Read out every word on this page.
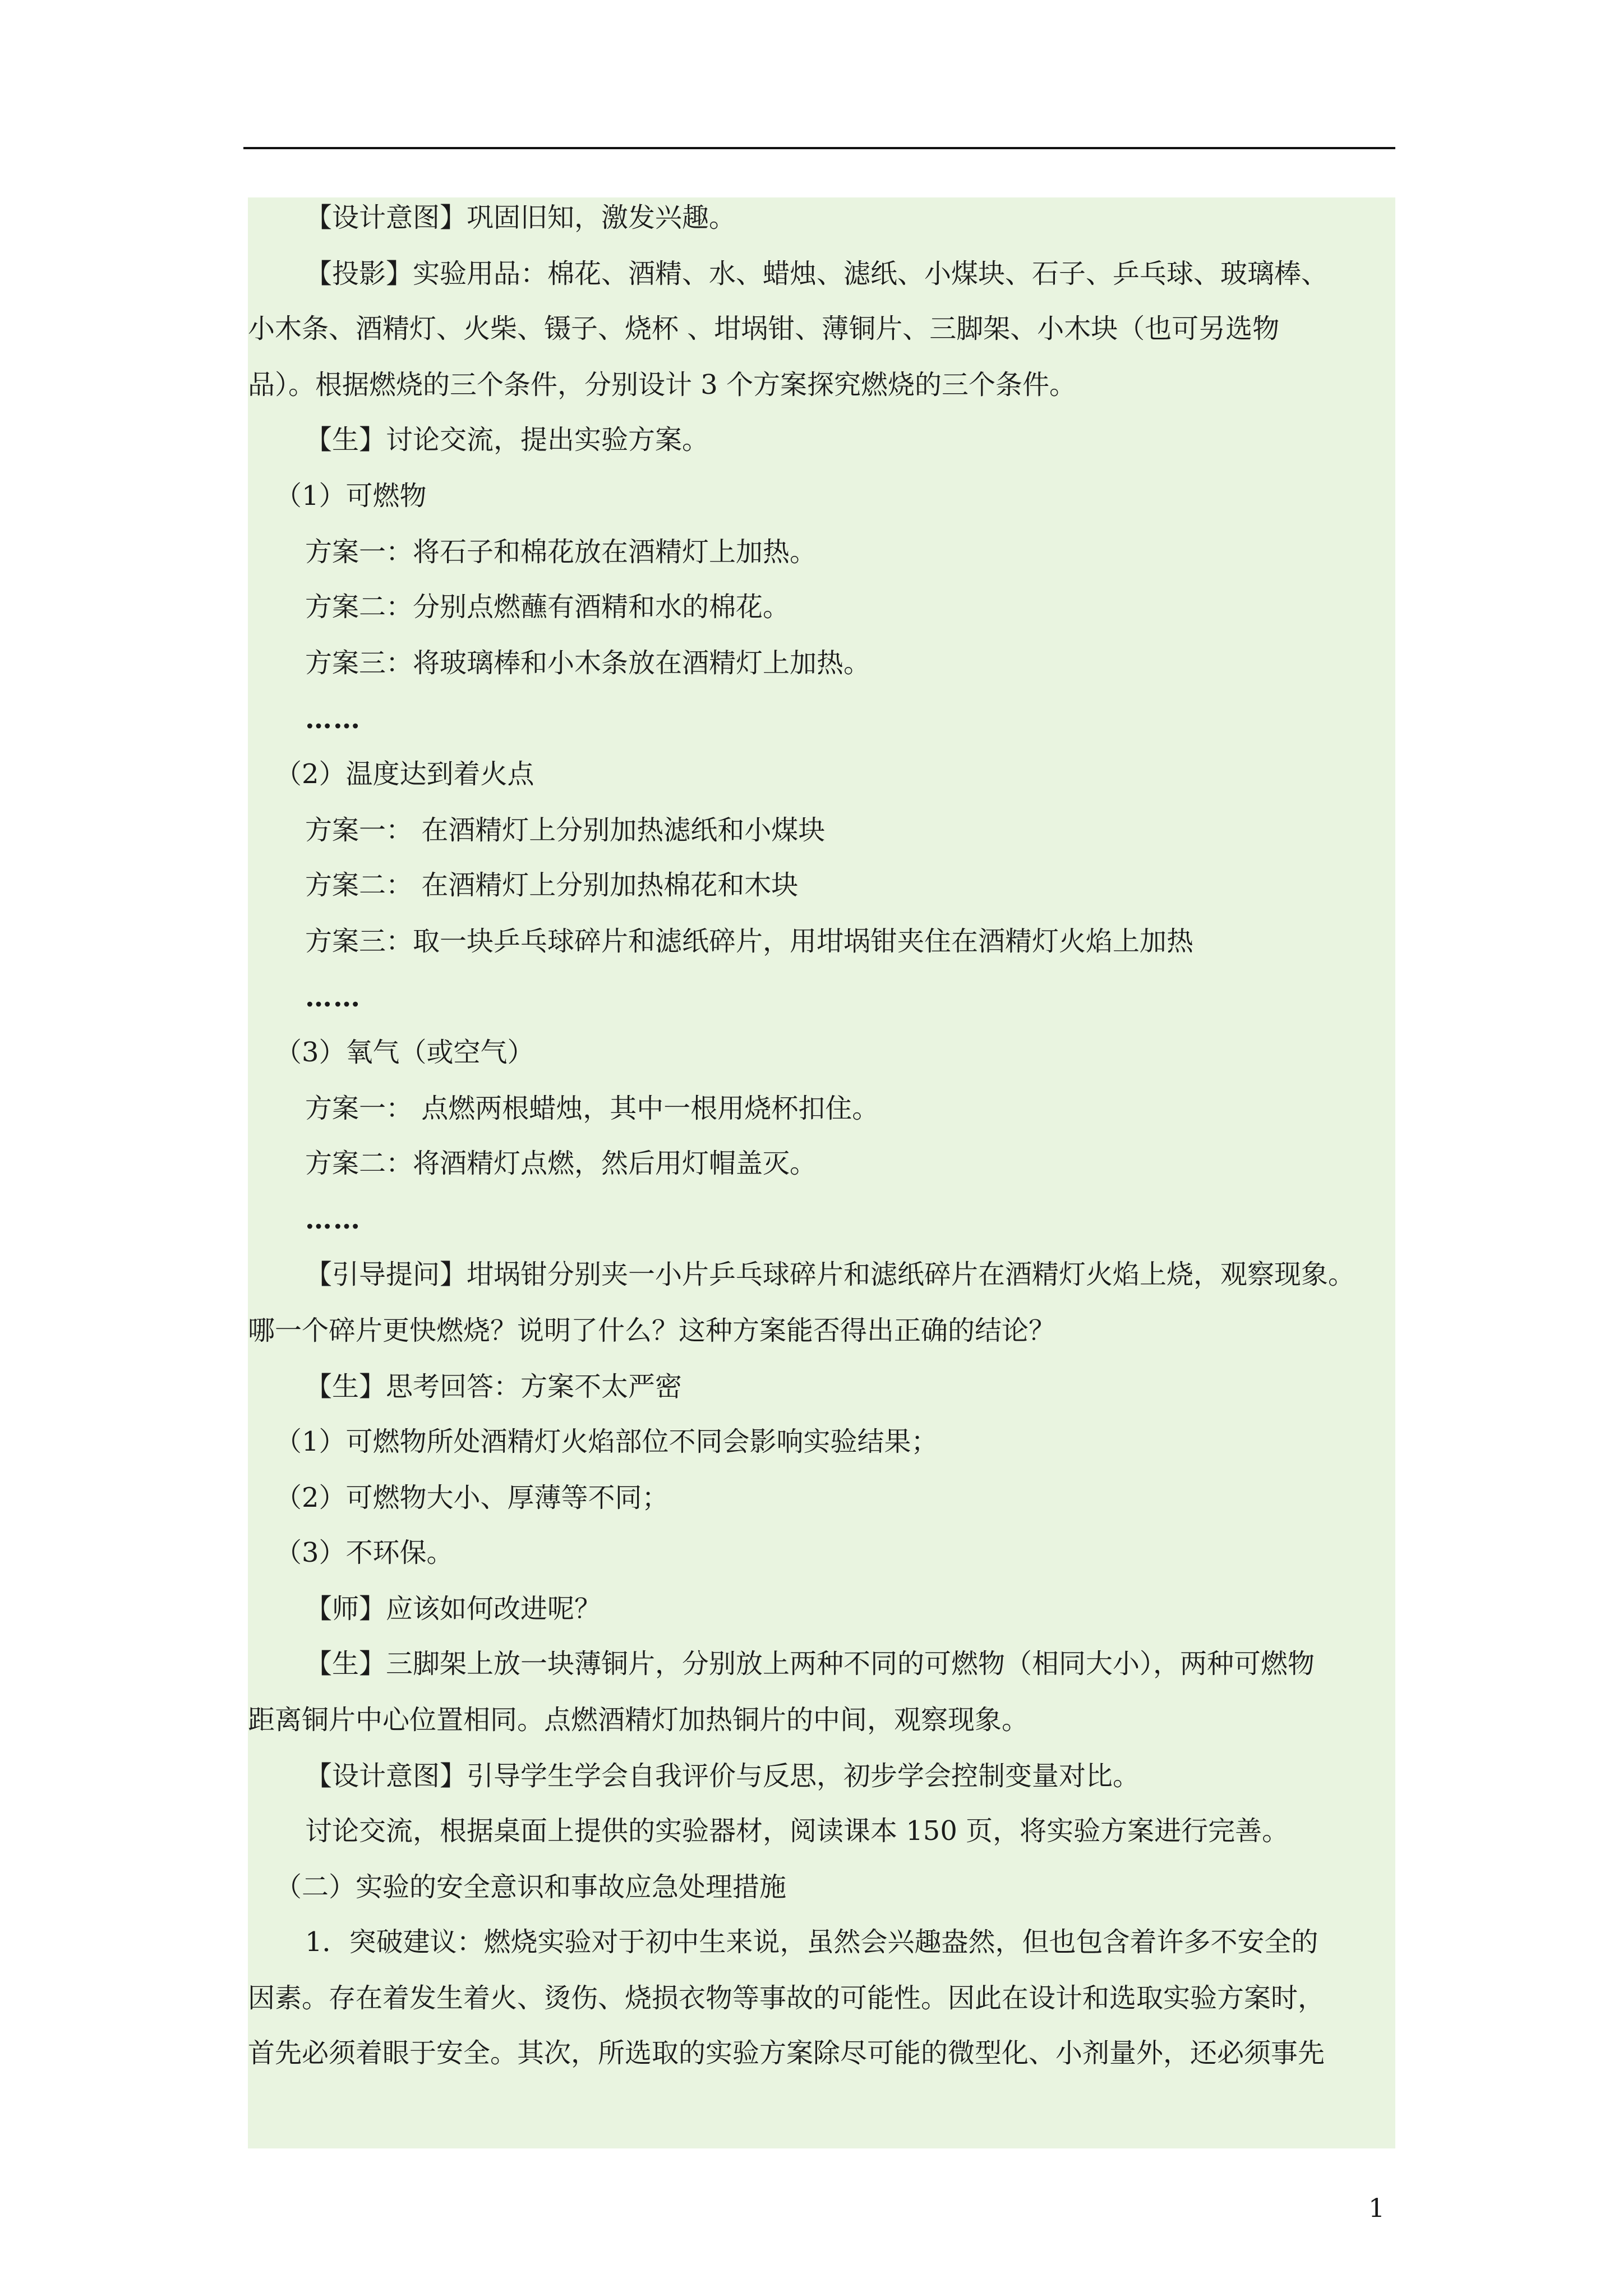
【设计意图】巩固旧知，激发兴趣。
【投影】实验用品：棉花、酒精、水、蜡烛、滤纸、小煤块、石子、乒乓球、玻璃棒、
小木条、酒精灯、火柴、镊子、烧杯 、坩埚钳、薄铜片、三脚架、小木块（也可另选物
品）。根据燃烧的三个条件，分别设计 3 个方案探究燃烧的三个条件。
【生】讨论交流，提出实验方案。
（1）可燃物
方案一：将石子和棉花放在酒精灯上加热。
方案二：分别点燃蘸有酒精和水的棉花。
方案三：将玻璃棒和小木条放在酒精灯上加热。
……
（2）温度达到着火点
方案一： 在酒精灯上分别加热滤纸和小煤块
方案二： 在酒精灯上分别加热棉花和木块
方案三：取一块乒乓球碎片和滤纸碎片，用坩埚钳夹住在酒精灯火焰上加热
……
（3）氧气（或空气）
方案一： 点燃两根蜡烛，其中一根用烧杯扣住。
方案二：将酒精灯点燃，然后用灯帽盖灭。
……
【引导提问】坩埚钳分别夹一小片乒乓球碎片和滤纸碎片在酒精灯火焰上烧，观察现象。
哪一个碎片更快燃烧？说明了什么？这种方案能否得出正确的结论？
【生】思考回答：方案不太严密
（1）可燃物所处酒精灯火焰部位不同会影响实验结果；
（2）可燃物大小、厚薄等不同；
（3）不环保。
【师】应该如何改进呢？
【生】三脚架上放一块薄铜片，分别放上两种不同的可燃物（相同大小），两种可燃物
距离铜片中心位置相同。点燃酒精灯加热铜片的中间，观察现象。
【设计意图】引导学生学会自我评价与反思，初步学会控制变量对比。
讨论交流，根据桌面上提供的实验器材，阅读课本 150 页，将实验方案进行完善。
（二）实验的安全意识和事故应急处理措施
1．突破建议：燃烧实验对于初中生来说，虽然会兴趣盎然，但也包含着许多不安全的
因素。存在着发生着火、烫伤、烧损衣物等事故的可能性。因此在设计和选取实验方案时，
首先必须着眼于安全。其次，所选取的实验方案除尽可能的微型化、小剂量外，还必须事先
1
